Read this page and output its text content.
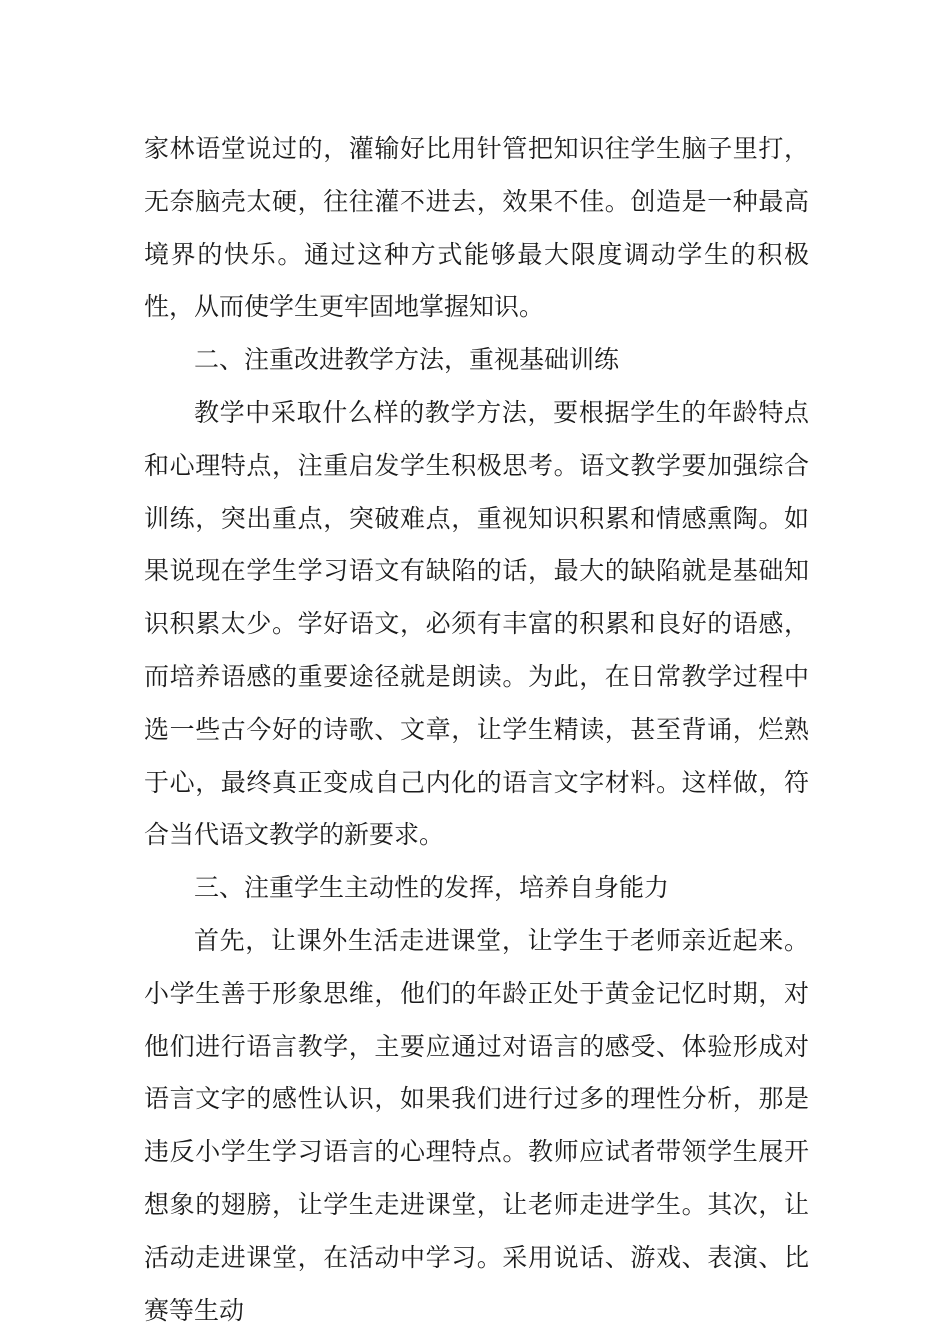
家林语堂说过的，灌输好比用针管把知识往学生脑子里打，无奈脑壳太硬，往往灌不进去，效果不佳。创造是一种最高境界的快乐。通过这种方式能够最大限度调动学生的积极性，从而使学生更牢固地掌握知识。

二、注重改进教学方法，重视基础训练

教学中采取什么样的教学方法，要根据学生的年龄特点和心理特点，注重启发学生积极思考。语文教学要加强综合训练，突出重点，突破难点，重视知识积累和情感熏陶。如果说现在学生学习语文有缺陷的话，最大的缺陷就是基础知识积累太少。学好语文，必须有丰富的积累和良好的语感，而培养语感的重要途径就是朗读。为此，在日常教学过程中选一些古今好的诗歌、文章，让学生精读，甚至背诵，烂熟于心，最终真正变成自己内化的语言文字材料。这样做，符合当代语文教学的新要求。

三、注重学生主动性的发挥，培养自身能力

首先，让课外生活走进课堂，让学生于老师亲近起来。小学生善于形象思维，他们的年龄正处于黄金记忆时期，对他们进行语言教学，主要应通过对语言的感受、体验形成对语言文字的感性认识，如果我们进行过多的理性分析，那是违反小学生学习语言的心理特点。教师应试者带领学生展开想象的翅膀，让学生走进课堂，让老师走进学生。其次，让活动走进课堂，在活动中学习。采用说话、游戏、表演、比赛等生动
